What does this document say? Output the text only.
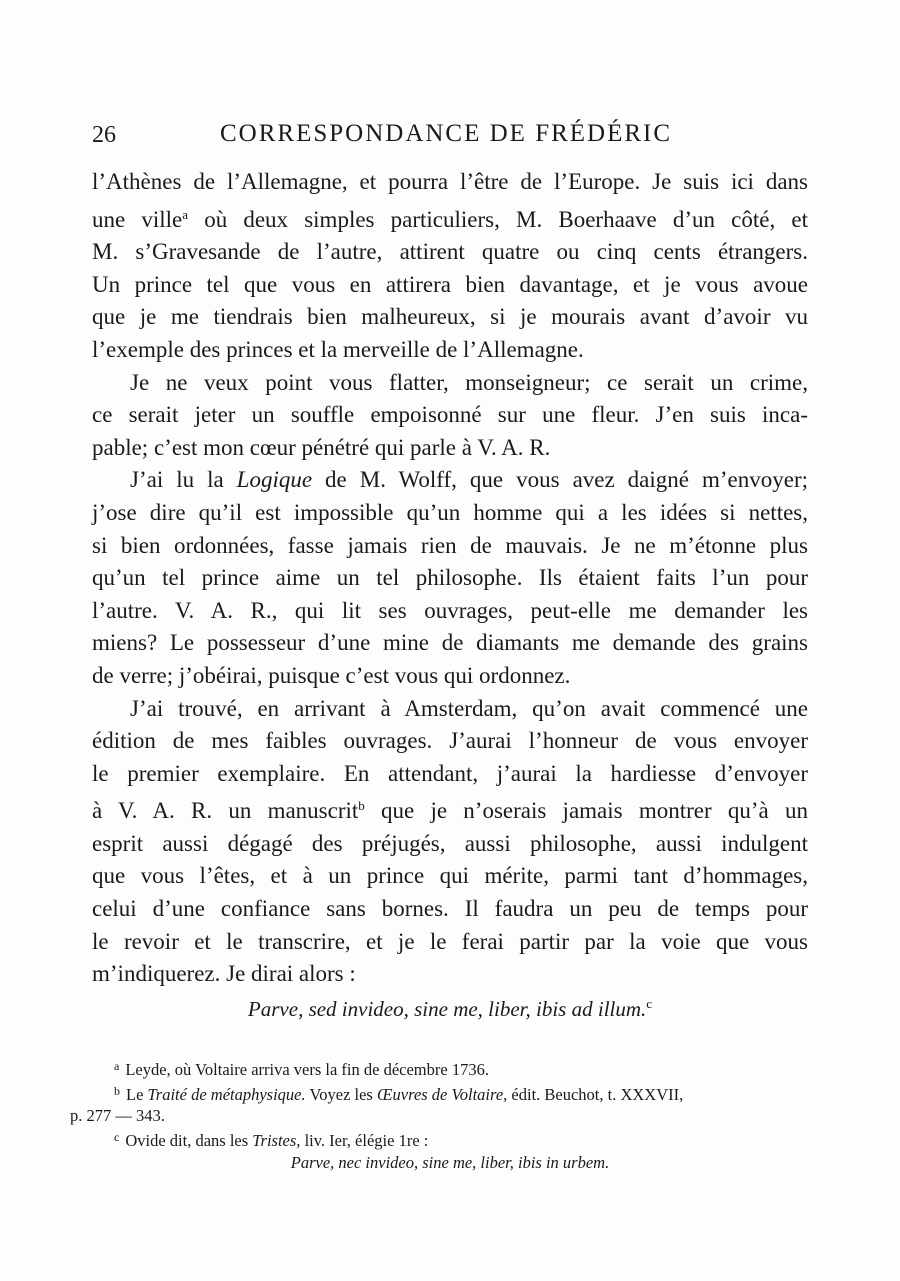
26	CORRESPONDANCE DE FRÉDÉRIC

l’Athènes de l’Allemagne, et pourra l’être de l’Europe. Je suis ici dans
une ville$^a$ où deux simples particuliers, M. Boerhaave d’un côté, et
M. s’Gravesande de l’autre, attirent quatre ou cinq cents étrangers.
Un prince tel que vous en attirera bien davantage, et je vous avoue
que je me tiendrais bien malheureux, si je mourais avant d’avoir vu
l’exemple des princes et la merveille de l’Allemagne.

Je ne veux point vous flatter, monseigneur; ce serait un crime,
ce serait jeter un souffle empoisonné sur une fleur. J’en suis inca-
pable; c’est mon cœur pénétré qui parle à V. A. R.

J’ai lu la Logique de M. Wolff, que vous avez daigné m’envoyer;
j’ose dire qu’il est impossible qu’un homme qui a les idées si nettes,
si bien ordonnées, fasse jamais rien de mauvais. Je ne m’étonne plus
qu’un tel prince aime un tel philosophe. Ils étaient faits l’un pour
l’autre. V. A. R., qui lit ses ouvrages, peut-elle me demander les
miens? Le possesseur d’une mine de diamants me demande des grains
de verre; j’obéirai, puisque c’est vous qui ordonnez.

J’ai trouvé, en arrivant à Amsterdam, qu’on avait commencé une
édition de mes faibles ouvrages. J’aurai l’honneur de vous envoyer
le premier exemplaire. En attendant, j’aurai la hardiesse d’envoyer
à V. A. R. un manuscrit$^b$ que je n’oserais jamais montrer qu’à un
esprit aussi dégagé des préjugés, aussi philosophe, aussi indulgent
que vous l’êtes, et à un prince qui mérite, parmi tant d’hommages,
celui d’une confiance sans bornes. Il faudra un peu de temps pour
le revoir et le transcrire, et je le ferai partir par la voie que vous
m’indiquerez. Je dirai alors :

Parve, sed invideo, sine me, liber, ibis ad illum.$^c$

$^a$ Leyde, où Voltaire arriva vers la fin de décembre 1736.

$^b$ Le Traité de métaphysique. Voyez les Œuvres de Voltaire, édit. Beuchot, t. XXXVII,
p. 277 — 343.

$^c$ Ovide dit, dans les Tristes, liv. Ier, élégie 1re :

Parve, nec invideo, sine me, liber, ibis in urbem.
